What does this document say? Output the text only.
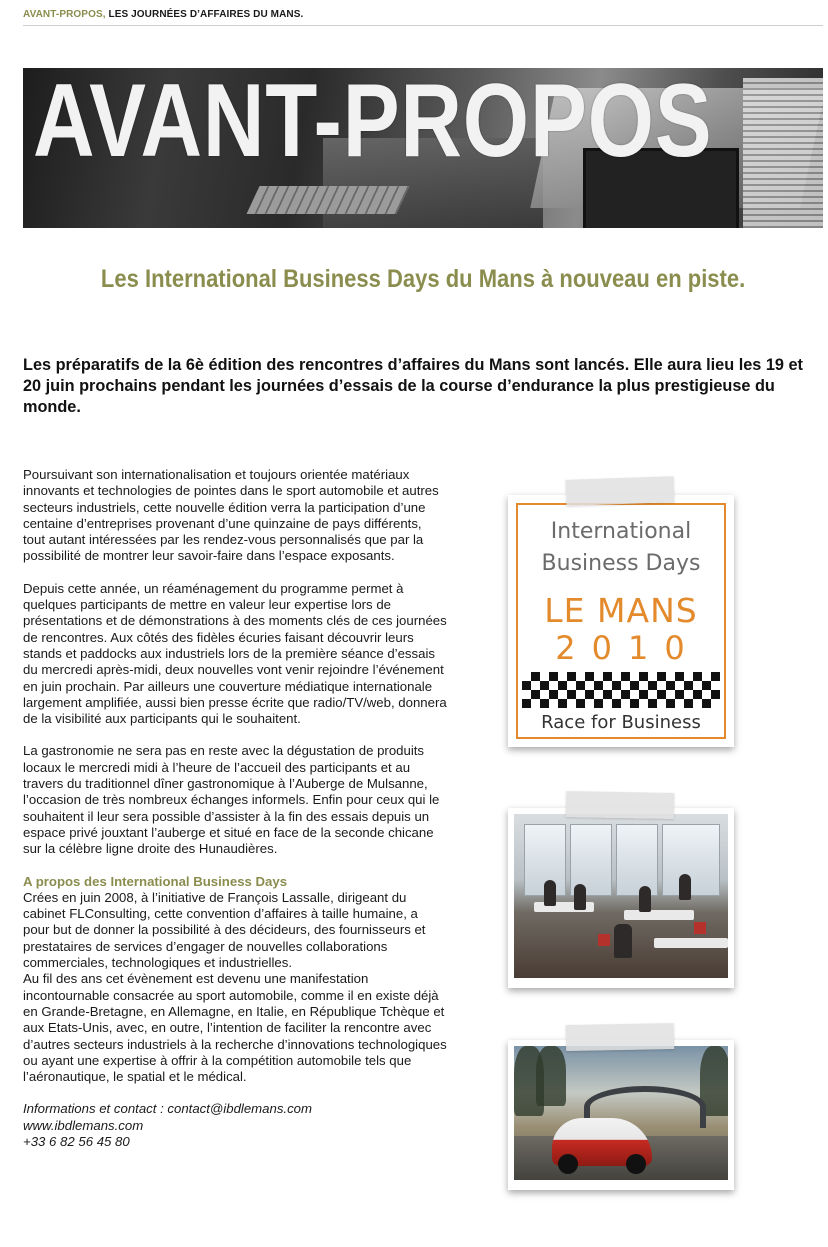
AVANT-PROPOS, LES JOURNÉES D’AFFAIRES DU MANS.
AVANT-PROPOS
Les International Business Days du Mans à nouveau en piste.
Les préparatifs de la 6è édition des rencontres d’affaires du Mans sont lancés. Elle aura lieu les 19 et 20 juin prochains pendant les journées d’essais de la course d’endurance la plus prestigieuse du monde.

Poursuivant son internationalisation et toujours orientée matériaux innovants et technologies de pointes dans le sport automobile et autres secteurs industriels, cette nouvelle édition verra la participation d’une centaine d’entreprises provenant d’une quinzaine de pays différents, tout autant intéressées par les rendez-vous personnalisés que par la possibilité de montrer leur savoir-faire dans l’espace exposants.

Depuis cette année, un réaménagement du programme permet à quelques participants de mettre en valeur leur expertise lors de présentations et de démonstrations à des moments clés de ces journées de rencontres. Aux côtés des fidèles écuries faisant découvrir leurs stands et paddocks aux industriels lors de la première séance d’essais du mercredi après-midi, deux nouvelles vont venir rejoindre l’événement en juin prochain. Par ailleurs une couverture médiatique internationale largement amplifiée, aussi bien presse écrite que radio/TV/web, donnera de la visibilité aux participants qui le souhaitent.

La gastronomie ne sera pas en reste avec la dégustation de produits locaux le mercredi midi à l’heure de l’accueil des participants et au travers du traditionnel dîner gastronomique à l’Auberge de Mulsanne, l’occasion de très nombreux échanges informels. Enfin pour ceux qui le souhaitent il leur sera possible d’assister à la fin des essais depuis un espace privé jouxtant l’auberge et situé en face de la seconde chicane sur la célèbre ligne droite des Hunaudières.

A propos des International Business Days
Crées en juin 2008, à l’initiative de François Lassalle, dirigeant du cabinet FLConsulting, cette convention d’affaires à taille humaine, a pour but de donner la possibilité à des décideurs, des fournisseurs et prestataires de services d’engager de nouvelles collaborations commerciales, technologiques et industrielles.
Au fil des ans cet évènement est devenu une manifestation incontournable consacrée au sport automobile, comme il en existe déjà en Grande-Bretagne, en Allemagne, en Italie, en République Tchèque et aux Etats-Unis, avec, en outre, l’intention de faciliter la rencontre avec d’autres secteurs industriels à la recherche d’innovations technologiques ou ayant une expertise à offrir à la compétition automobile tels que l’aéronautique, le spatial et le médical.
Informations et contact : contact@ibdlemans.com
www.ibdlemans.com
+33 6 82 56 45 80
International
Business Days
LE MANS
2010
Race for Business
